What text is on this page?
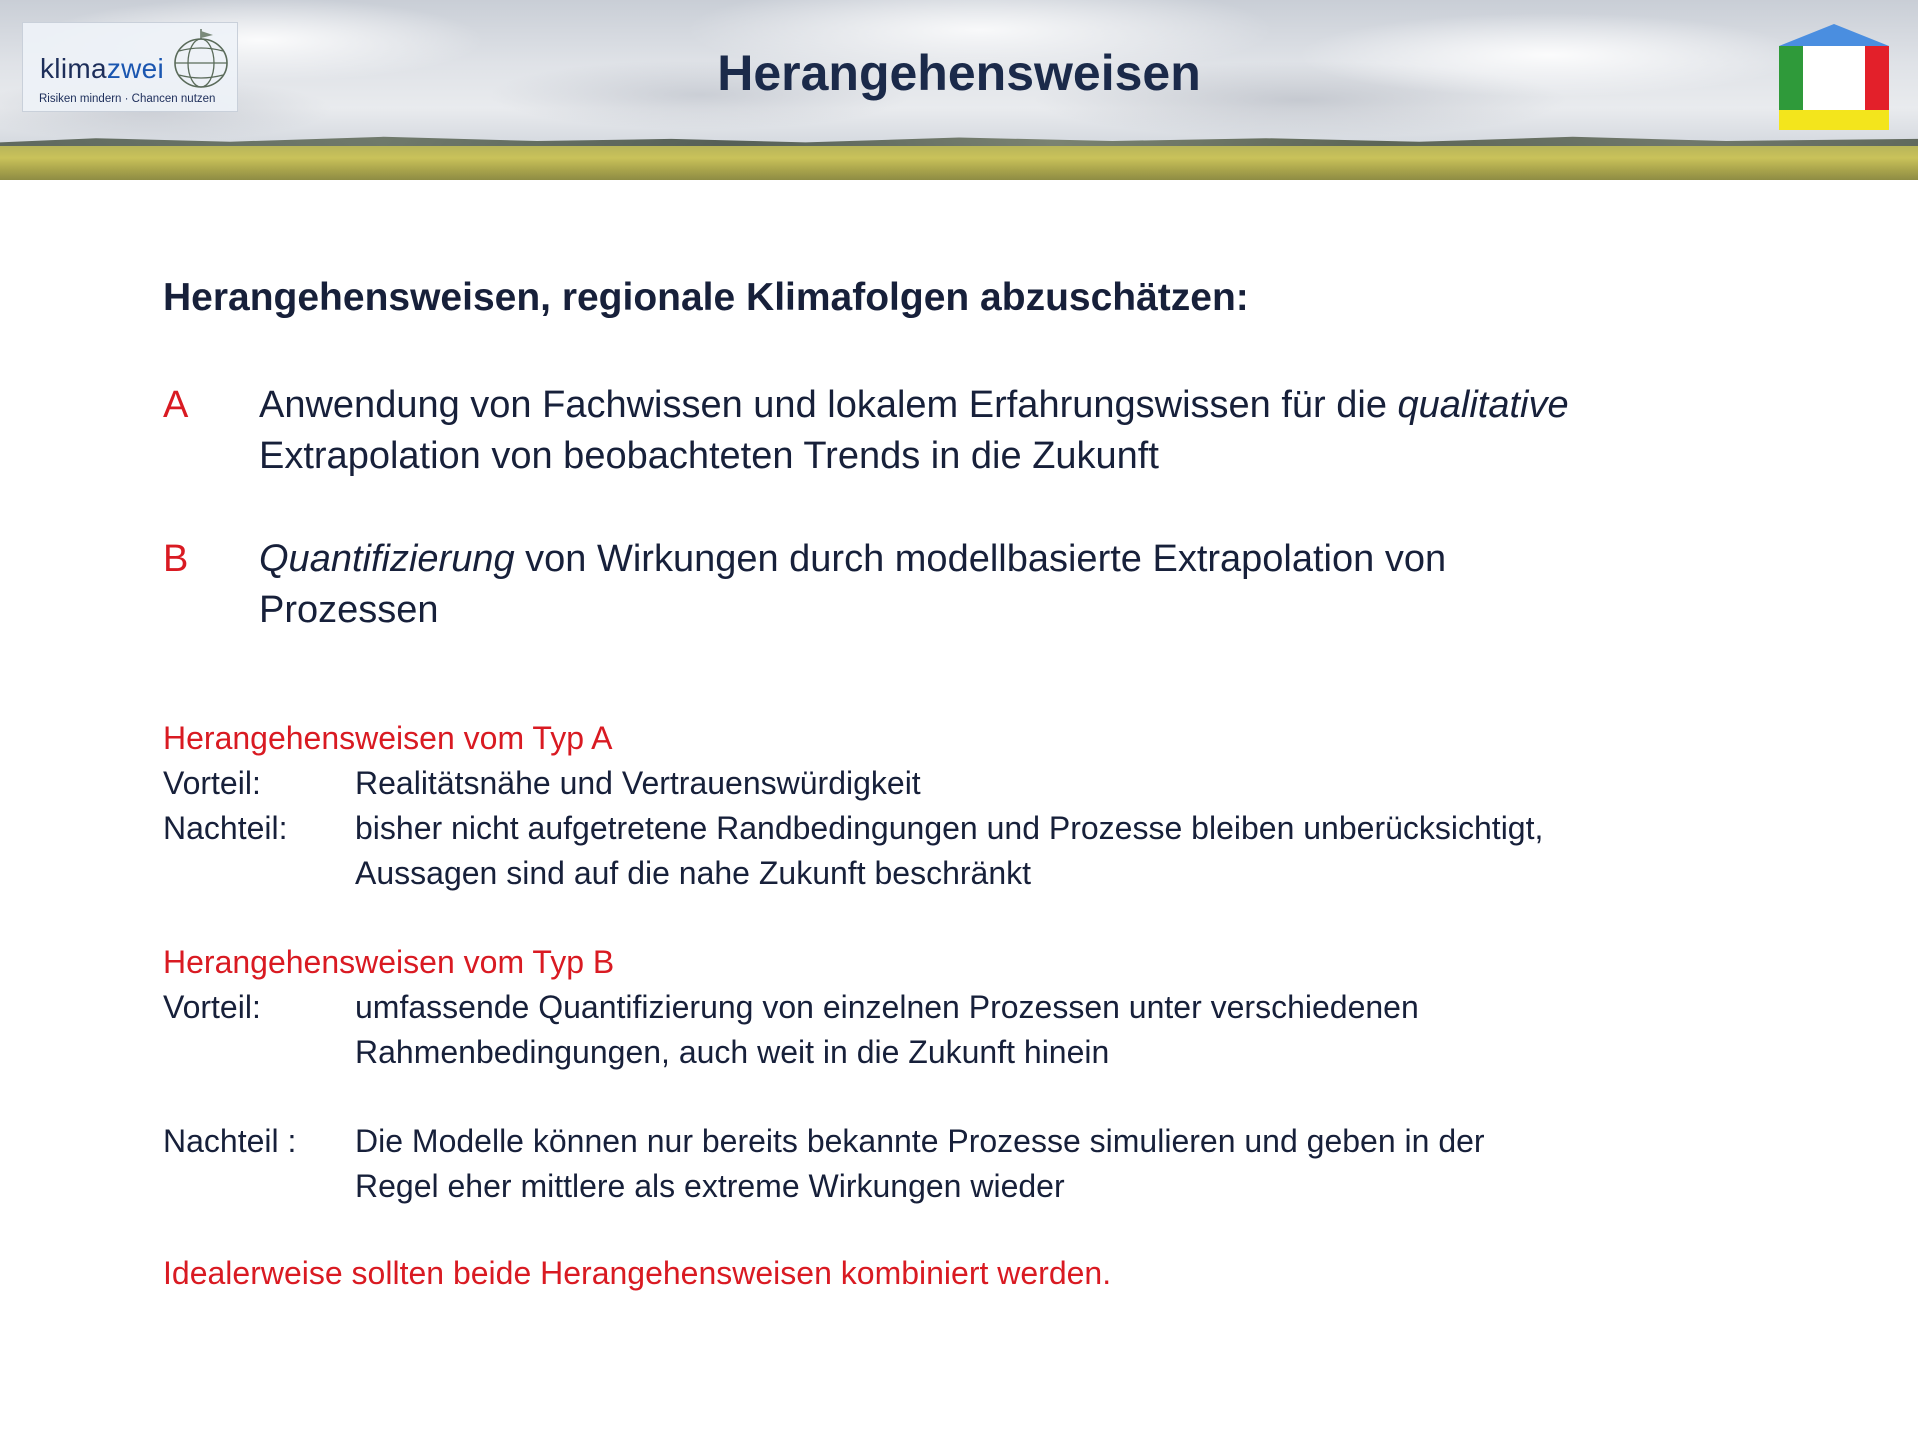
klimazwei
Risiken mindern · Chancen nutzen	Herangehensweisen
Herangehensweisen, regionale Klimafolgen abzuschätzen:
A Anwendung von Fachwissen und lokalem Erfahrungswissen für die qualitative
Extrapolation von beobachteten Trends in die Zukunft
B Quantifizierung von Wirkungen durch modellbasierte Extrapolation von
Prozessen
Herangehensweisen vom Typ A
Vorteil:	Realitätsnähe und Vertrauenswürdigkeit
Nachteil: bisher nicht aufgetretene Randbedingungen und Prozesse bleiben unberücksichtigt,
Aussagen sind auf die nahe Zukunft beschränkt
Herangehensweisen vom Typ B
Vorteil:	umfassende Quantifizierung von einzelnen Prozessen unter verschiedenen
Rahmenbedingungen, auch weit in die Zukunft hinein
Nachteil : Die Modelle können nur bereits bekannte Prozesse simulieren und geben in der
Regel eher mittlere als extreme Wirkungen wieder
Idealerweise sollten beide Herangehensweisen kombiniert werden.
